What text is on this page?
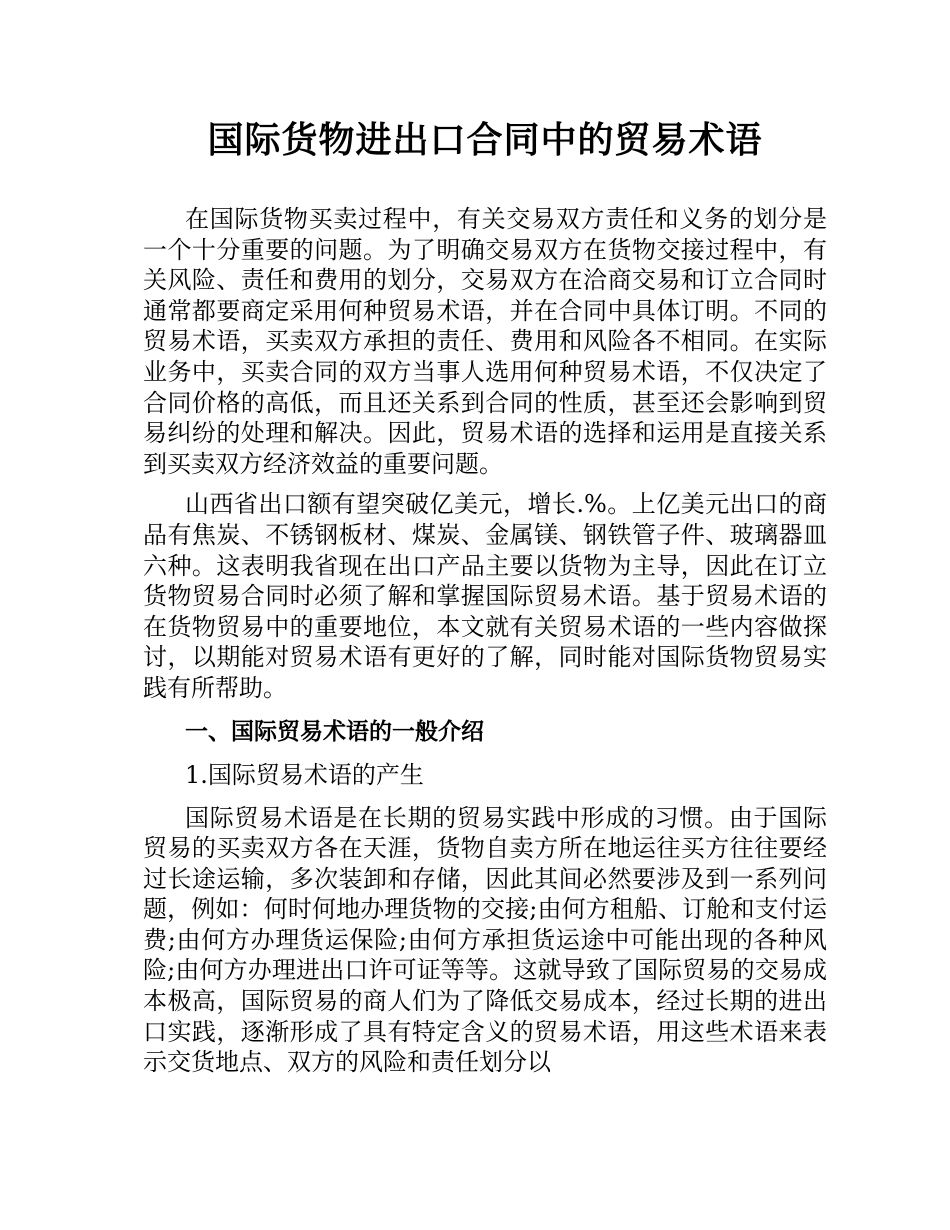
国际货物进出口合同中的贸易术语

在国际货物买卖过程中，有关交易双方责任和义务的划分是一个十分重要的问题。为了明确交易双方在货物交接过程中，有关风险、责任和费用的划分，交易双方在洽商交易和订立合同时通常都要商定采用何种贸易术语，并在合同中具体订明。不同的贸易术语，买卖双方承担的责任、费用和风险各不相同。在实际业务中，买卖合同的双方当事人选用何种贸易术语，不仅决定了合同价格的高低，而且还关系到合同的性质，甚至还会影响到贸易纠纷的处理和解决。因此，贸易术语的选择和运用是直接关系到买卖双方经济效益的重要问题。

山西省出口额有望突破亿美元，增长.%。上亿美元出口的商品有焦炭、不锈钢板材、煤炭、金属镁、钢铁管子件、玻璃器皿六种。这表明我省现在出口产品主要以货物为主导，因此在订立货物贸易合同时必须了解和掌握国际贸易术语。基于贸易术语的在货物贸易中的重要地位，本文就有关贸易术语的一些内容做探讨，以期能对贸易术语有更好的了解，同时能对国际货物贸易实践有所帮助。

一、国际贸易术语的一般介绍

1.国际贸易术语的产生

国际贸易术语是在长期的贸易实践中形成的习惯。由于国际贸易的买卖双方各在天涯，货物自卖方所在地运往买方往往要经过长途运输，多次装卸和存储，因此其间必然要涉及到一系列问题，例如：何时何地办理货物的交接;由何方租船、订舱和支付运费;由何方办理货运保险;由何方承担货运途中可能出现的各种风险;由何方办理进出口许可证等等。这就导致了国际贸易的交易成本极高，国际贸易的商人们为了降低交易成本，经过长期的进出口实践，逐渐形成了具有特定含义的贸易术语，用这些术语来表示交货地点、双方的风险和责任划分以
